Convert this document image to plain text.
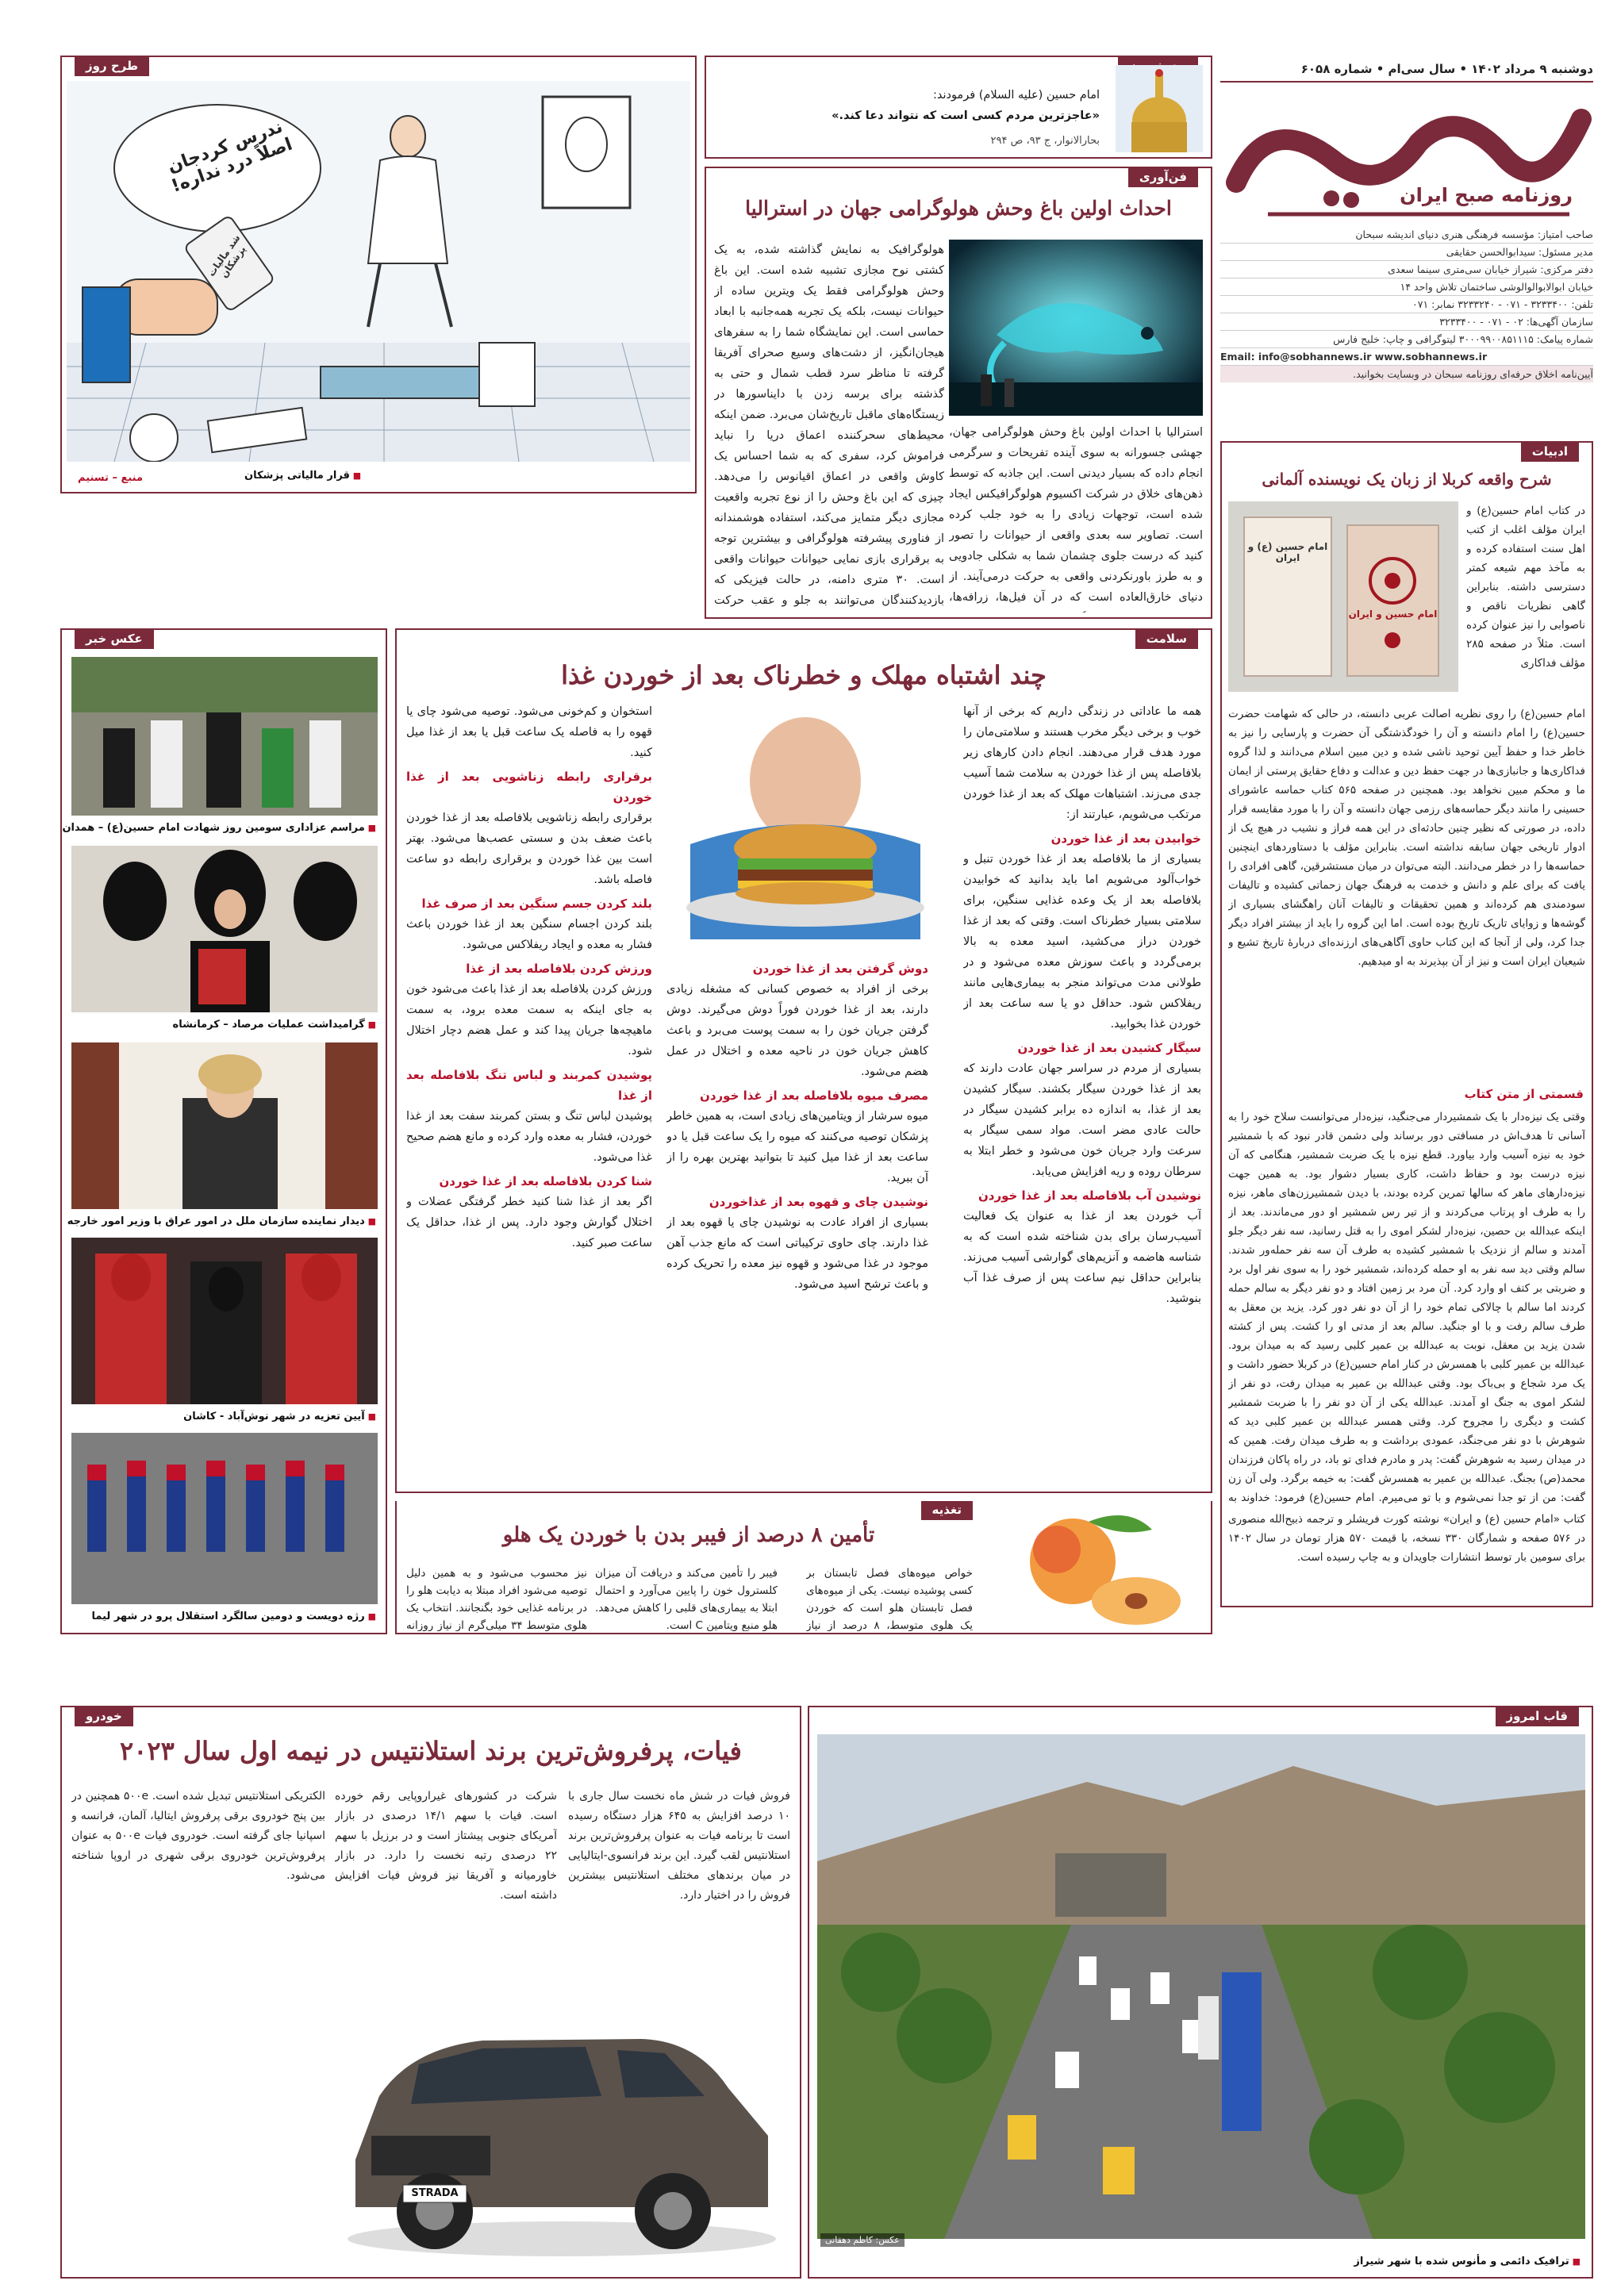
دوشنبه ۹ مرداد ۱۴۰۲ • سال سی‌ام • شماره ۶۰۵۸
روزنامه صبح ایران
صاحب امتیاز: مؤسسه فرهنگی هنری دنیای اندیشه سبحان
مدیر مسئول: سیدابوالحسن حقایقی
دفتر مرکزی: شیراز خیابان سی‌متری سینما سعدی
خیابان ابوالابوالوالوشی ساختمان تلاش واحد ۱۴
تلفن: ۳۲۳۳۴۰۰ - ۰۷۱ - ۳۲۳۳۲۴۰ نمابر: ۰۷۱
سازمان آگهی‌ها: ۰۲ - ۰۷۱ - ۳۲۳۳۴۰۰
شماره پیامک: ۳۰۰۰۹۹۰۰۸۵۱۱۱۵ لیتوگرافی و چاپ: خلیج فارس
Email: info@sobhannews.ir www.sobhannews.ir
آیین‌نامه اخلاق حرفه‌ای روزنامه سبحان در وبسایت بخوانید.
امام حسین (علیه السلام) فرمودند:
«عاجزترین مردم کسی است که نتواند دعا کند.»
بحارالانوار، ج ۹۳، ص ۲۹۴
طرح روز
ندرس کردجان اصلاً درد نداره!
شد مالیات پزشکان
■ قرار مالیاتی پزشکان
منبع – تسنیم
فن‌آوری
احداث اولین باغ وحش هولوگرامی جهان در استرالیا
استرالیا با احداث اولین باغ وحش هولوگرامی جهان، جهشی جسورانه به سوی آینده تفریحات و سرگرمی انجام داده که بسیار دیدنی است. این جاذبه که توسط ذهن‌های خلاق در شرکت اکسیوم هولوگرافیکس ایجاد شده است، توجهات زیادی را به خود جلب کرده است. تصاویر سه بعدی واقعی از حیوانات را تصور کنید که درست جلوی چشمان شما به شکلی جادویی و به طرز باورنکردنی واقعی به حرکت درمی‌آیند. از دنیای خارق‌العاده است که در آن فیل‌ها، زرافه‌ها،
هولوگرافیک به نمایش گذاشته شده، به یک کشتی نوح مجازی تشبیه شده است. این باغ وحش هولوگرامی فقط یک ویترین ساده از حیوانات نیست، بلکه یک تجربه همه‌جانبه با ابعاد حماسی است. این نمایشگاه شما را به سفرهای هیجان‌انگیز، از دشت‌های وسیع صحرای آفریقا گرفته تا مناظر سرد قطب شمال و حتی به گذشته برای برسه زدن با دایناسورها در زیستگاه‌های ماقبل تاریخ‌شان می‌برد. ضمن اینکه محیط‌های سحرکننده اعماق دریا را نباید فراموش کرد، سفری که به شما احساس یک کاوش واقعی در اعماق اقیانوس را می‌دهد. چیزی که این باغ وحش را از نوع تجربه واقعیت مجازی دیگر متمایز می‌کند، استفاده هوشمندانه از فناوری پیشرفته هولوگرافی و بیشترین توجه به برقراری بازی نمایی حیوانات حیوانات واقعی است. ۳۰ متری دامنه، در حالت فیزیکی که بازدیدکنندگان می‌توانند به جلو و عقب حرکت
ادبیات
شرح واقعه کربلا از زبان یک نویسنده آلمانی
امام حسین (ع) و ایران
امام حسین و ایران
در کتاب امام حسین(ع) و ایران مؤلف اغلب از کتب اهل سنت استفاده کرده و به مآخذ مهم شیعه کمتر دسترسی داشته. بنابراین گاهی نظریات ناقص و ناصوابی را نیز عنوان کرده است. مثلاً در صفحه ۲۸۵ مؤلف فداکاری
امام حسین(ع) را روی نظریه اصالت عربی دانسته، در حالی که شهامت حضرت حسین(ع) را امام دانسته و آن را خودگذشتگی آن حضرت و پارسایی را نیز به خاطر خدا و حفظ آیین توحید ناشی شده و دین مبین اسلام می‌دانند و لذا گروه فداکاری‌ها و جانبازی‌ها در جهت حفظ دین و عدالت و دفاع حقایق پرستی از ایمان ما و محکم مبین نخواهد بود. همچنین در صفحه ۵۶۵ کتاب حماسه عاشورای حسینی را مانند دیگر حماسه‌های رزمی جهان دانسته و آن را با مورد مقایسه قرار داده، در صورتی که نظیر چنین حادثه‌ای در این همه فراز و نشیب در هیچ یک از ادوار تاریخی جهان سابقه نداشته است. بنابراین مؤلف با دستاوردهای اینچنین حماسه‌ها را در خطر می‌دانند. البته می‌توان در میان مستشرقین، گاهی افرادی را یافت که برای علم و دانش و خدمت به فرهنگ جهان زحماتی کشیده و تالیفات سودمندی هم کرده‌اند و همین تحقیقات و تالیفات آنان راهگشای بسیاری از گوشه‌ها و زوایای تاریک تاریخ بوده است. اما این گروه را باید از بیشتر افراد دیگر جدا کرد، ولی از آنجا که این کتاب حاوی آگاهی‌های ارزنده‌ای دربارهٔ تاریخ تشیع و شیعیان ایران است و نیز از آن بپذیرند به او میدهیم.
قسمتی از متن کتاب
وقتی یک نیزه‌دار با یک شمشیردار می‌جنگید، نیزه‌دار می‌توانست سلاح خود را به آسانی تا هدف‌اش در مسافتی دور برساند ولی دشمن قادر نبود که با شمشیر خود به نیزه آسیب وارد بیاورد. قطع نیزه با یک ضربت شمشیر، هنگامی که آن نیزه درست بود و حفاظ داشت، کاری بسیار دشوار بود. به همین جهت نیزه‌دارهای ماهر که سالها تمرین کرده بودند، با دیدن شمشیرزن‌های ماهر، نیزه را به طرف او پرتاب می‌کردند و از تیر رس شمشیر او دور می‌ماندند. بعد از اینکه عبدالله بن حصین، نیزه‌دار لشکر اموی را به قتل رسانید، سه نفر دیگر جلو آمدند و سالم از نزدیک با شمشیر کشیده به طرف آن سه نفر حمله‌ور شدند. سالم وقتی دید سه نفر به او حمله کرده‌اند، شمشیر خود را به سوی نفر اول برد و ضربتی بر کتف او وارد کرد. آن مرد بر زمین افتاد و دو نفر دیگر به سالم حمله کردند اما سالم با چالاکی تمام خود را از آن دو نفر دور کرد. یزید بن معقل به طرف سالم رفت و با او جنگید. سالم بعد از مدتی او را کشت. پس از کشته شدن یزید بن معقل، نوبت به عبدالله بن عمیر کلبی رسید که به میدان برود. عبدالله بن عمیر کلبی با همسرش در کنار امام حسین(ع) در کربلا حضور داشت و یک مرد شجاع و بی‌باک بود. وقتی عبدالله بن عمیر به میدان رفت، دو نفر از لشکر اموی به جنگ او آمدند. عبدالله یکی از آن دو نفر را با ضربت شمشیر کشت و دیگری را مجروح کرد. وقتی همسر عبدالله بن عمیر کلبی دید که شوهرش با دو نفر می‌جنگد، عمودی برداشت و به طرف میدان رفت. همین که در میدان رسید به شوهرش گفت: پدر و مادرم فدای تو باد، در راه پاکان فرزندان محمد(ص) بجنگ. عبدالله بن عمیر به همسرش گفت: به خیمه برگرد. ولی آن زن گفت: من از تو جدا نمی‌شوم و با تو می‌میرم. امام حسین(ع) فرمود: خداوند به
کتاب «امام حسین (ع) و ایران» نوشته کورت فریشلر و ترجمه ذبیح‌الله منصوری در ۵۷۶ صفحه و شمارگان ۳۳۰ نسخه، با قیمت ۵۷۰ هزار تومان در سال ۱۴۰۲ برای سومین بار توسط انتشارات جاویدان و به چاپ رسیده است.
عکس خبر
■ مراسم عزاداری سومین روز شهادت امام حسین(ع) – همدان
■ گرامیداشت عملیات مرصاد – کرمانشاه
■ دیدار نماینده سازمان ملل در امور عراق با وزیر امور خارجه
■ آیین تعزیه در شهر نوش‌آباد - کاشان
■ رژه دویست و دومین سالگرد استقلال پرو در شهر لیما
سلامت
چند اشتباه مهلک و خطرناک بعد از خوردن غذا
همه ما عاداتی در زندگی داریم که برخی از آنها خوب و برخی دیگر مخرب هستند و سلامتی‌مان را مورد هدف قرار می‌دهند. انجام دادن کارهای زیر بلافاصله پس از غذا خوردن به سلامت شما آسیب جدی می‌زند. اشتباهات مهلک که بعد از غذا خوردن مرتکب می‌شویم، عبارتند از:
خوابیدن بعد از غذا خوردن
بسیاری از ما بلافاصله بعد از غذا خوردن تنبل و خواب‌آلود می‌شویم اما باید بدانید که خوابیدن بلافاصله بعد از یک وعده غذایی سنگین، برای سلامتی بسیار خطرناک است. وقتی که بعد از غذا خوردن دراز می‌کشید، اسید معده به بالا برمی‌گردد و باعث سوزش معده می‌شود و در طولانی مدت می‌تواند منجر به بیماری‌هایی مانند ریفلاکس شود. حداقل دو یا سه ساعت بعد از خوردن غذا بخوابید.
سیگار کشیدن بعد از غذا خوردن
بسیاری از مردم در سراسر جهان عادت دارند که بعد از غذا خوردن سیگار بکشند. سیگار کشیدن بعد از غذا، به اندازه ده برابر کشیدن سیگار در حالت عادی مضر است. مواد سمی سیگار به سرعت وارد جریان خون می‌شود و خطر ابتلا به سرطان روده و ریه افزایش می‌یابد.
نوشیدن آب بلافاصله بعد از غذا خوردن
آب خوردن بعد از غذا به عنوان یک فعالیت آسیب‌رسان برای بدن شناخته شده است که به شناسه هاضمه و آنزیم‌های گوارشی آسیب می‌زند. بنابراین حداقل نیم ساعت پس از صرف غذا آب بنوشید.
دوش گرفتن بعد از غذا خوردن
برخی از افراد به خصوص کسانی که مشغله زیادی دارند، بعد از غذا خوردن فوراً دوش می‌گیرند. دوش گرفتن جریان خون را به سمت پوست می‌برد و باعث کاهش جریان خون در ناحیه معده و اختلال در عمل هضم می‌شود.
مصرف میوه بلافاصله بعد از غذا خوردن
میوه سرشار از ویتامین‌های زیادی است، به همین خاطر پزشکان توصیه می‌کنند که میوه را یک ساعت قبل یا دو ساعت بعد از غذا میل کنید تا بتوانید بهترین بهره را از آن ببرید.
نوشیدن چای و قهوه بعد از غذاخوردن
بسیاری از افراد عادت به نوشیدن چای یا قهوه بعد از غذا دارند. چای حاوی ترکیباتی است که مانع جذب آهن موجود در غذا می‌شود و قهوه نیز معده را تحریک کرده و باعث ترشح اسید می‌شود.
استخوان و کم‌خونی می‌شود. توصیه می‌شود چای یا قهوه را به فاصله یک ساعت قبل یا بعد از غذا میل کنید.
برقراری رابطه زناشویی بعد از غذا خوردن
برقراری رابطه زناشویی بلافاصله بعد از غذا خوردن باعث ضعف بدن و سستی عصب‌ها می‌شود. بهتر است بین غذا خوردن و برقراری رابطه دو ساعت فاصله باشد.
بلند کردن جسم سنگین بعد از صرف غذا
بلند کردن اجسام سنگین بعد از غذا خوردن باعث فشار به معده و ایجاد ریفلاکس می‌شود.
ورزش کردن بلافاصله بعد از غذا
ورزش کردن بلافاصله بعد از غذا باعث می‌شود خون به جای اینکه به سمت معده برود، به سمت ماهیچه‌ها جریان پیدا کند و عمل هضم دچار اختلال شود.
پوشیدن کمربند و لباس تنگ بلافاصله بعد از غذا
پوشیدن لباس تنگ و بستن کمربند سفت بعد از غذا خوردن، فشار به معده وارد کرده و مانع هضم صحیح غذا می‌شود.
شنا کردن بلافاصله بعد از غذا خوردن
اگر بعد از غذا شنا کنید خطر گرفتگی عضلات و اختلال گوارش وجود دارد. پس از غذا، حداقل یک ساعت صبر کنید.
تغذیه
تأمین ۸ درصد از فیبر بدن با خوردن یک هلو
خواص میوه‌های فصل تابستان بر کسی پوشیده نیست. یکی از میوه‌های فصل تابستان هلو است که خوردن یک هلوی متوسط، ۸ درصد از نیاز
فیبر را تأمین می‌کند و دریافت آن میزان کلسترول خون را پایین می‌آورد و احتمال ابتلا به بیماری‌های قلبی را کاهش می‌دهد. هلو منبع ویتامین C است.
نیز محسوب می‌شود و به همین دلیل توصیه می‌شود افراد مبتلا به دیابت هلو را در برنامه غذایی خود بگنجانند. انتخاب یک هلوی متوسط ۳۴ میلی‌گرم از نیاز روزانه
قاب امروز
■ ترافیک دائمی و مأنوس شده با شهر شیراز
عکس: کاظم دهقانی
خودرو
فیات، پرفروش‌ترین برند استلانتیس در نیمه اول سال ۲۰۲۳
فروش فیات در شش ماه نخست سال جاری با ۱۰ درصد افزایش به ۶۴۵ هزار دستگاه رسیده است تا برنامه فیات به عنوان پرفروش‌ترین برند استلانتیس لقب گیرد. این برند فرانسوی-ایتالیایی در میان برندهای مختلف استلانتیس بیشترین فروش را در اختیار دارد.
شرکت در کشورهای غیراروپایی رقم خورده است. فیات با سهم ۱۴/۱ درصدی در بازار آمریکای جنوبی پیشتاز است و در برزیل با سهم ۲۲ درصدی رتبه نخست را دارد. در بازار خاورمیانه و آفریقا نیز فروش فیات افزایش داشته است.
الکتریکی استلانتیس تبدیل شده است. ۵۰۰e همچنین در بین پنج خودروی برقی پرفروش ایتالیا، آلمان، فرانسه و اسپانیا جای گرفته است. خودروی فیات ۵۰۰e به عنوان پرفروش‌ترین خودروی برقی شهری در اروپا شناخته می‌شود.
STRADA
